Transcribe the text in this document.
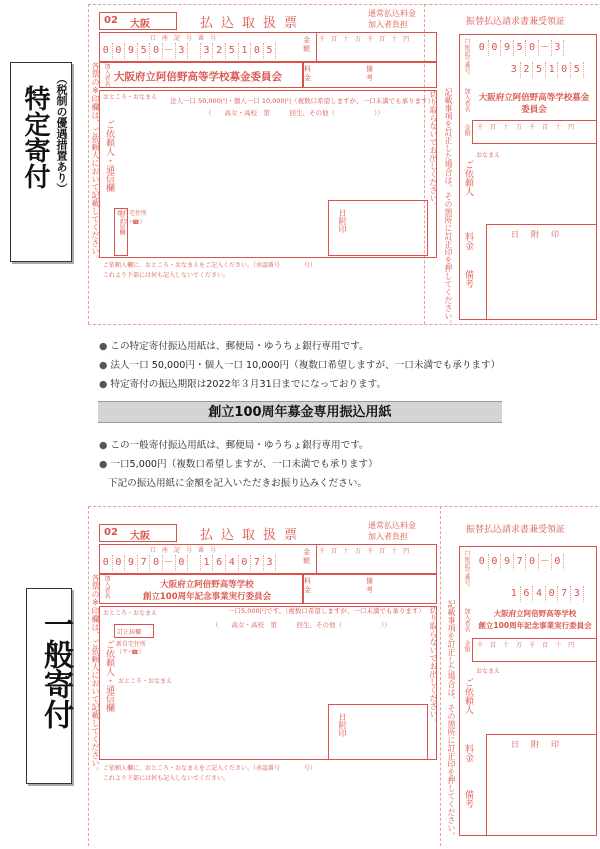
特定寄付 （税制の優遇措置あり）	各票の※印欄は、ご依頼人において記載してください。
02 大阪	払込取扱票
通常払込料金
加入者負担	振替払込請求書兼受領証
口座記号番号
0 0 9 5 0 － 3	3 2 5 1 0 5
金額
千 百 十 万 千 百 十 円
加入者名 大阪府立阿倍野高等学校募金委員会
料金
備考
おところ・おなまえ 法人一口 50,000円・個人一口 10,000円（複数口希望しますが、一口未満でも承ります）
（　　高女・高校　第　　　回生、その他（　　　　　　））
ご依頼人・通信欄
新自宅住所
（〒･☎）
訂正届欄	日附印
ご依頼人欄に、おところ・おなまえをご記入ください。（承認番号　　　　号）
これより下部には何も記入しないでください。
切り取らないでお出しください。 記載事項を訂正した場合は、その箇所に訂正印を押してください。
口座記号番号 0 0 9 5 0 － 3
3 2 5 1 0 5
加入者名 大阪府立阿倍野高等学校募金委員会
千 百 十 万 千 百 十 円
金額
おなまえ
ご依頼人
日附印
料金
備考
● この特定寄付振込用紙は、郵便局・ゆうちょ銀行専用です。
● 法人一口 50,000円・個人一口 10,000円（複数口希望しますが、一口未満でも承ります）
● 特定寄付の振込期限は2022年３月31日までになっております。
創立100周年募金専用振込用紙
● この一般寄付振込用紙は、郵便局・ゆうちょ銀行専用です。
● 一口5,000円（複数口希望しますが、一口未満でも承ります）
下記の振込用紙に金額を記入いただきお振り込みください。
一般寄付	各票の※印欄は、ご依頼人において記載してください。
02 大阪	払込取扱票
通常払込料金
加入者負担
振替払込請求書兼受領証
口座記号番号
0 0 9 7 0 － 0	1 6 4 0 7 3
金額
千 百 十 万 千 百 十 円
加入者名	大阪府立阿倍野高等学校
創立100周年記念事業実行委員会
料金
備考
おところ・おなまえ	一口5,000円です。（複数口希望しますが、一口未満でも承ります）
（　　高女・高校　第　　　回生、その他（　　　　　　））
訂正届欄
新自宅住所
（〒･☎）
ご依頼人・通信欄 おところ・おなまえ
日附印
ご依頼人欄に、おところ・おなまえをご記入ください。（承認番号　　　　号）
これより下部には何も記入しないでください。
切り取らないでお出しください。 記載事項を訂正した場合は、その箇所に訂正印を押してください。
口座記号番号 0 0 9 7 0 － 0
1 6 4 0 7 3
加入者名	大阪府立阿倍野高等学校
創立100周年記念事業実行委員会
千 百 十 万 千 百 十 円
金額
おなまえ
ご依頼人
日附印
料金
備考
